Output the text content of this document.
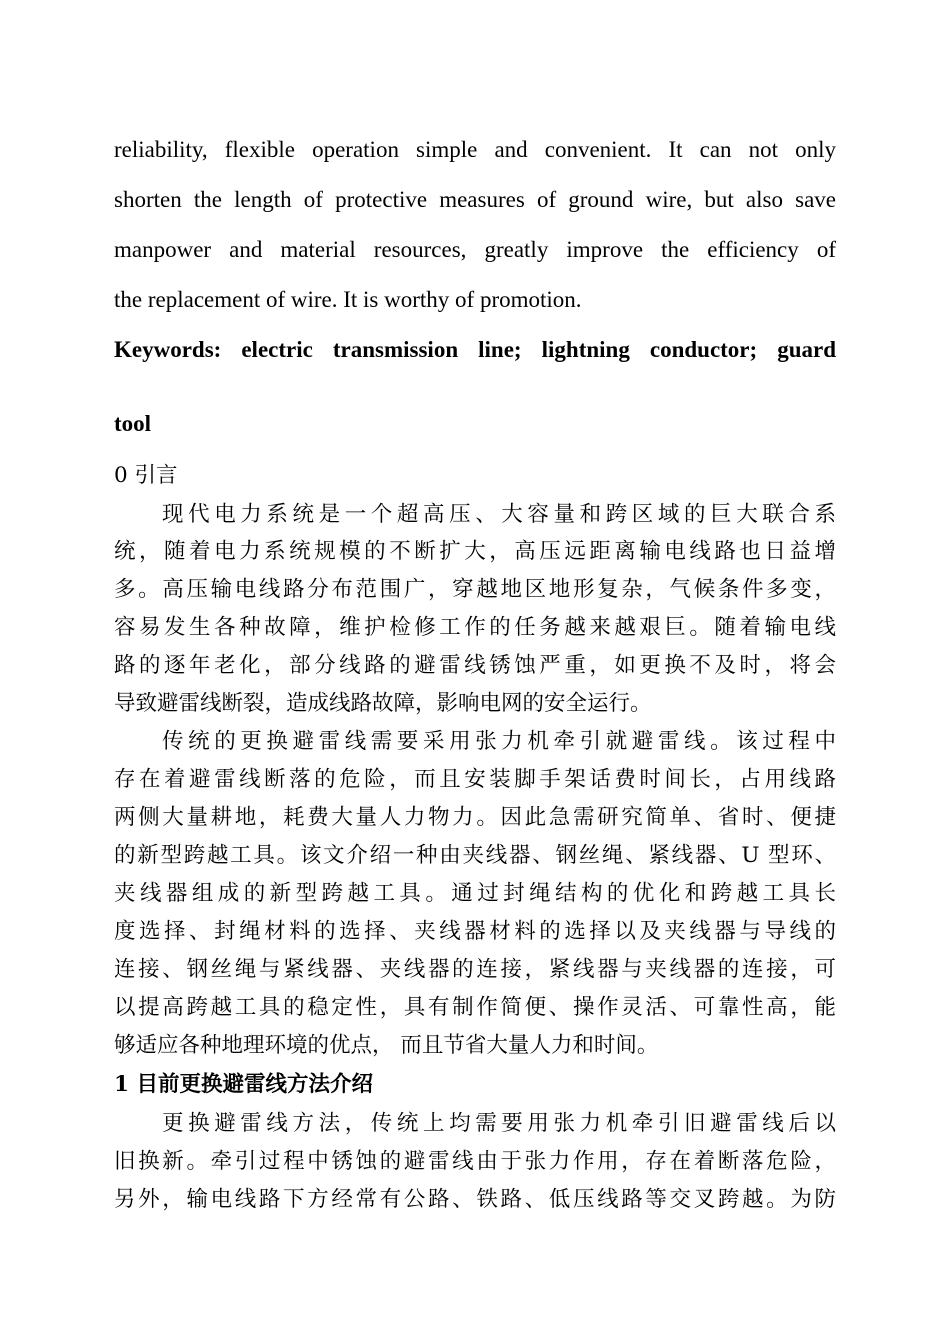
reliability, flexible operation simple and convenient. It can not only
shorten the length of protective measures of ground wire, but also save
manpower and material resources, greatly improve the efficiency of
the replacement of wire. It is worthy of promotion.
Keywords: electric transmission line; lightning conductor; guard
tool
0 引言
现代电力系统是一个超高压、大容量和跨区域的巨大联合系
统，随着电力系统规模的不断扩大，高压远距离输电线路也日益增
多。高压输电线路分布范围广，穿越地区地形复杂，气候条件多变，
容易发生各种故障，维护检修工作的任务越来越艰巨。随着输电线
路的逐年老化，部分线路的避雷线锈蚀严重，如更换不及时，将会
导致避雷线断裂，造成线路故障，影响电网的安全运行。
传统的更换避雷线需要采用张力机牵引就避雷线。该过程中
存在着避雷线断落的危险，而且安装脚手架话费时间长，占用线路
两侧大量耕地，耗费大量人力物力。因此急需研究简单、省时、便捷
的新型跨越工具。该文介绍一种由夹线器、钢丝绳、紧线器、U 型环、
夹线器组成的新型跨越工具。通过封绳结构的优化和跨越工具长
度选择、封绳材料的选择、夹线器材料的选择以及夹线器与导线的
连接、钢丝绳与紧线器、夹线器的连接，紧线器与夹线器的连接，可
以提高跨越工具的稳定性，具有制作简便、操作灵活、可靠性高，能
够适应各种地理环境的优点， 而且节省大量人力和时间。
1 目前更换避雷线方法介绍
更换避雷线方法，传统上均需要用张力机牵引旧避雷线后以
旧换新。牵引过程中锈蚀的避雷线由于张力作用，存在着断落危险，
另外，输电线路下方经常有公路、铁路、低压线路等交叉跨越。为防
